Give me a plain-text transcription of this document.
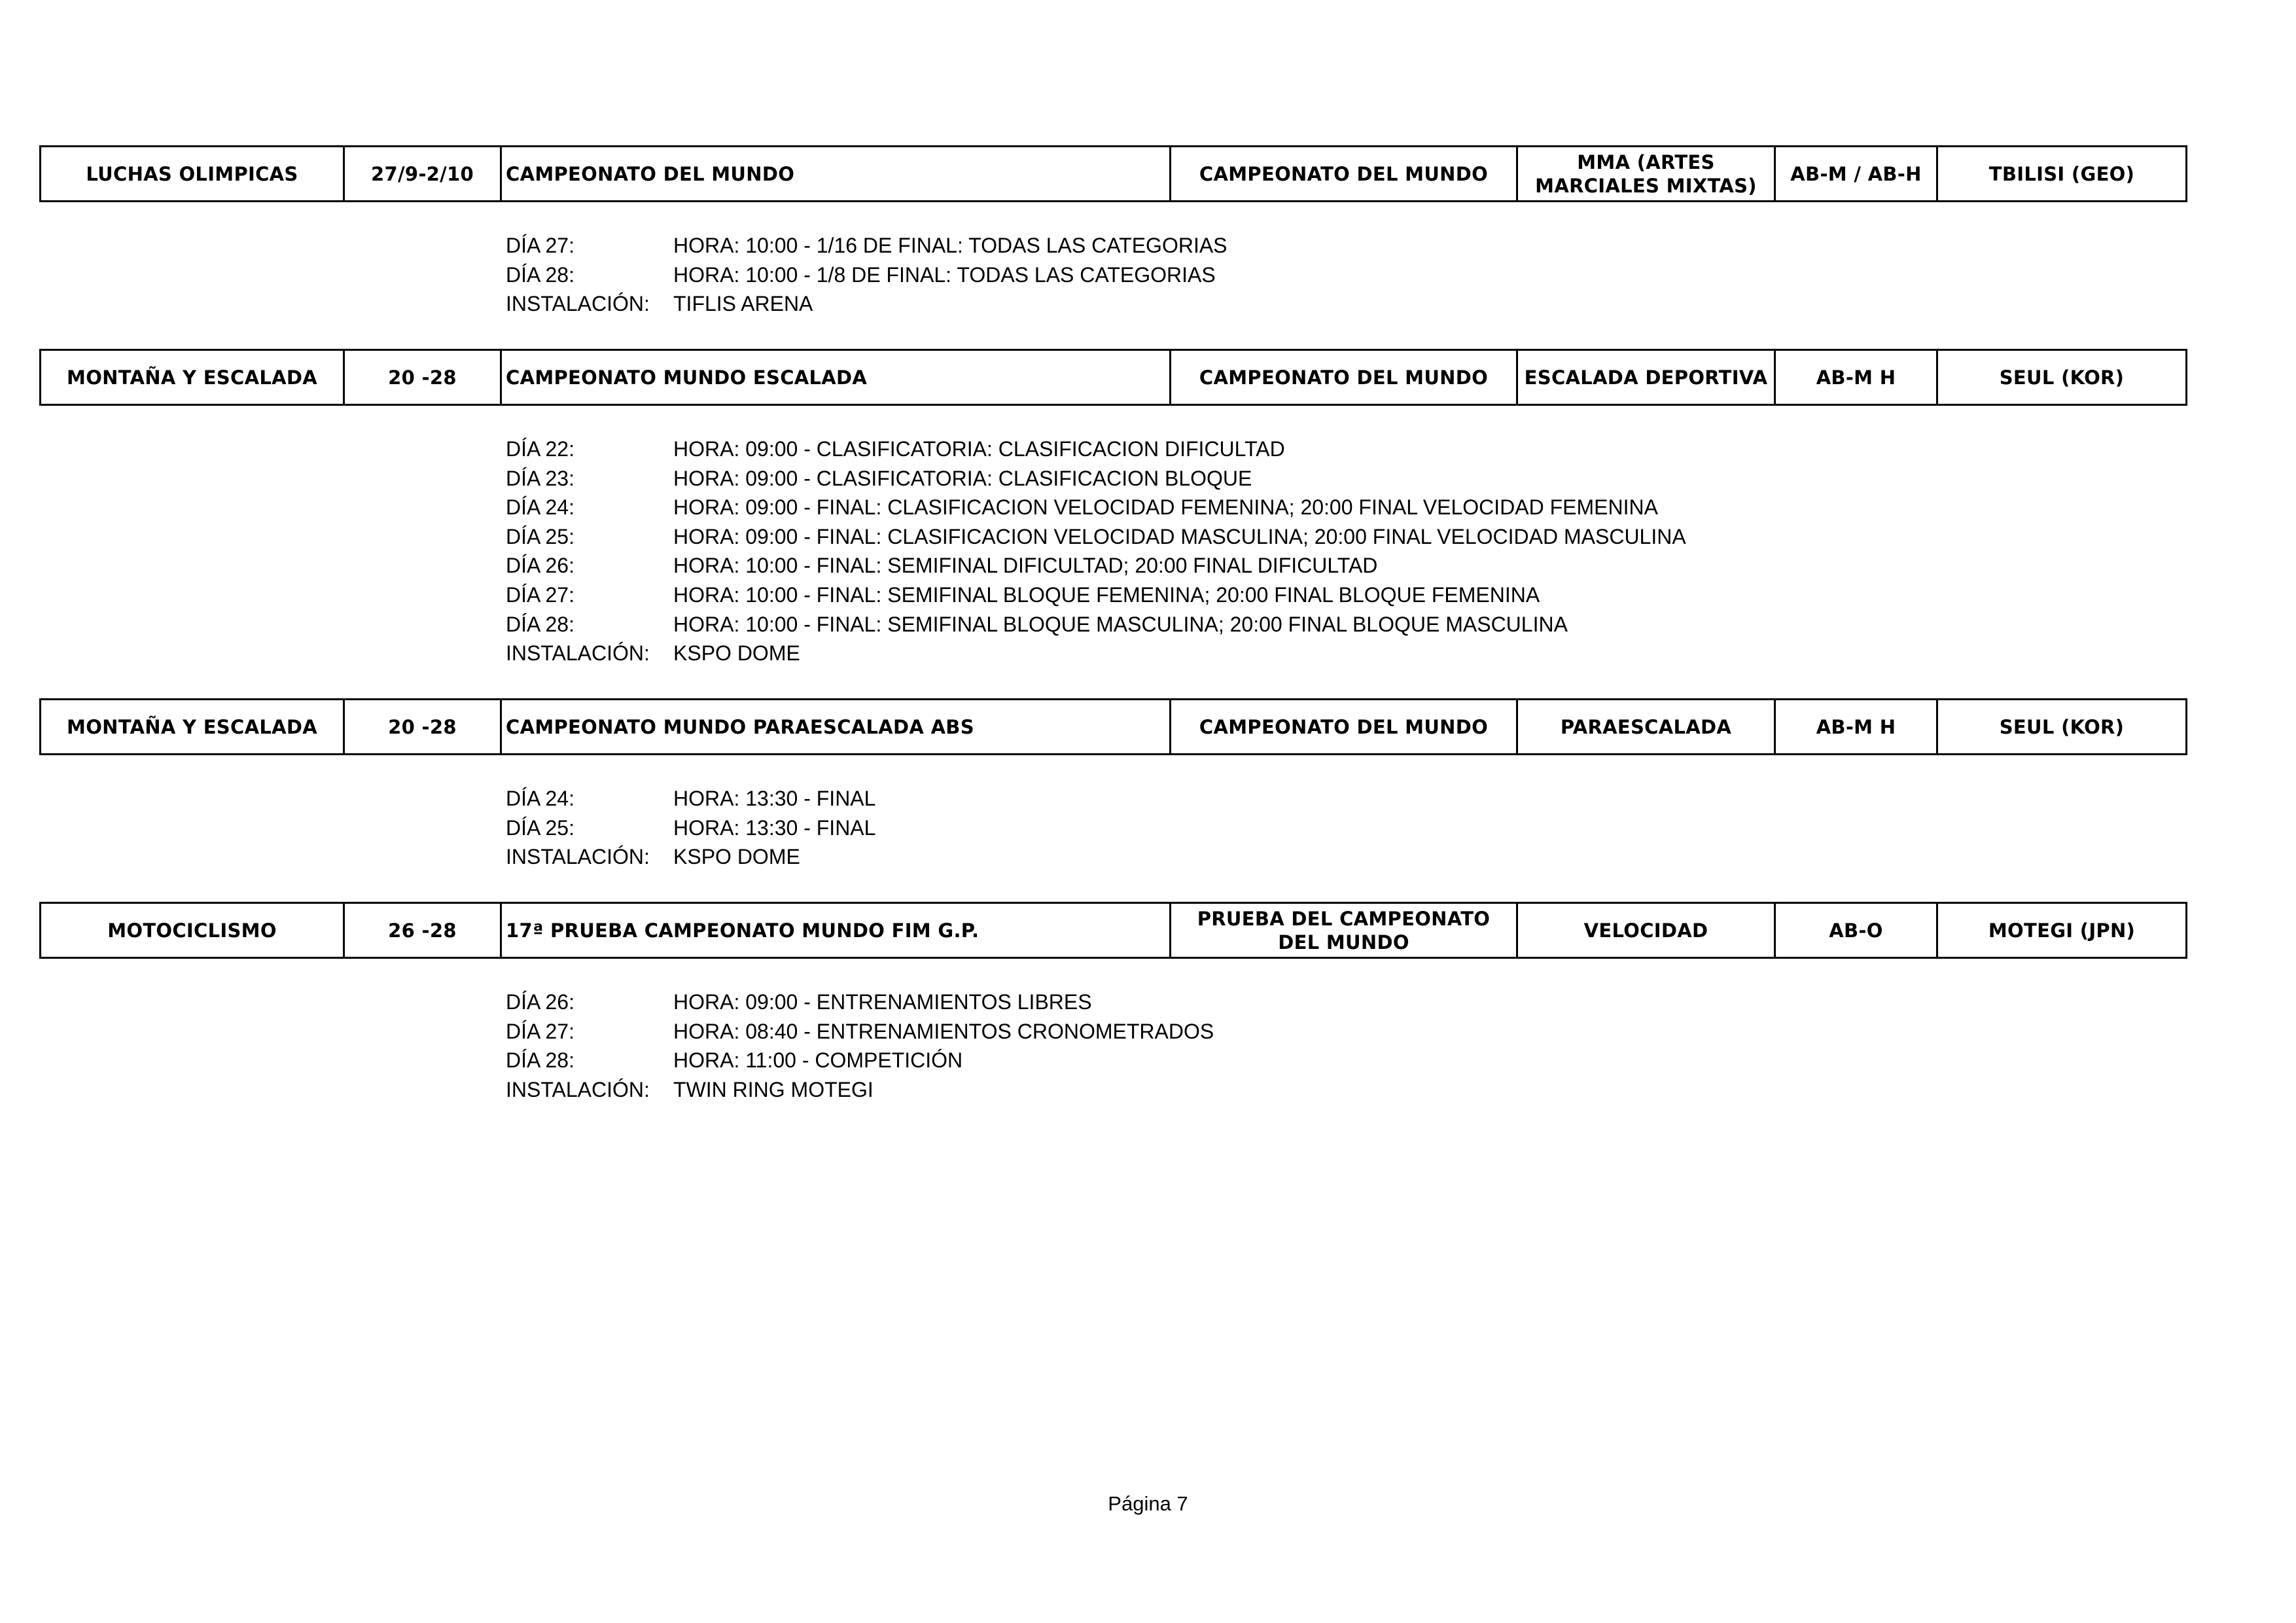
LUCHAS OLIMPICAS	27/9-2/10	CAMPEONATO DEL MUNDO	CAMPEONATO DEL MUNDO	MMA (ARTES MARCIALES MIXTAS)	AB-M / AB-H	TBILISI (GEO)
DÍA 27:	HORA: 10:00 - 1/16 DE FINAL: TODAS LAS CATEGORIAS
DÍA 28:	HORA: 10:00 - 1/8 DE FINAL: TODAS LAS CATEGORIAS
INSTALACIÓN:	TIFLIS ARENA
MONTAÑA Y ESCALADA	20 -28	CAMPEONATO MUNDO ESCALADA	CAMPEONATO DEL MUNDO	ESCALADA DEPORTIVA	AB-M H	SEUL (KOR)
DÍA 22:	HORA: 09:00 - CLASIFICATORIA: CLASIFICACION DIFICULTAD
DÍA 23:	HORA: 09:00 - CLASIFICATORIA: CLASIFICACION BLOQUE
DÍA 24:	HORA: 09:00 - FINAL: CLASIFICACION VELOCIDAD FEMENINA; 20:00 FINAL VELOCIDAD FEMENINA
DÍA 25:	HORA: 09:00 - FINAL: CLASIFICACION VELOCIDAD MASCULINA; 20:00 FINAL VELOCIDAD MASCULINA
DÍA 26:	HORA: 10:00 - FINAL: SEMIFINAL DIFICULTAD; 20:00 FINAL DIFICULTAD
DÍA 27:	HORA: 10:00 - FINAL: SEMIFINAL BLOQUE FEMENINA; 20:00 FINAL BLOQUE FEMENINA
DÍA 28:	HORA: 10:00 - FINAL: SEMIFINAL BLOQUE MASCULINA; 20:00 FINAL BLOQUE MASCULINA
INSTALACIÓN:	KSPO DOME
MONTAÑA Y ESCALADA	20 -28	CAMPEONATO MUNDO PARAESCALADA ABS	CAMPEONATO DEL MUNDO	PARAESCALADA	AB-M H	SEUL (KOR)
DÍA 24:	HORA: 13:30 - FINAL
DÍA 25:	HORA: 13:30 - FINAL
INSTALACIÓN:	KSPO DOME
MOTOCICLISMO	26 -28	17ª PRUEBA CAMPEONATO MUNDO FIM G.P.	PRUEBA DEL CAMPEONATO DEL MUNDO	VELOCIDAD	AB-O	MOTEGI (JPN)
DÍA 26:	HORA: 09:00 - ENTRENAMIENTOS LIBRES
DÍA 27:	HORA: 08:40 - ENTRENAMIENTOS CRONOMETRADOS
DÍA 28:	HORA: 11:00 - COMPETICIÓN
INSTALACIÓN:	TWIN RING MOTEGI
Página 7
